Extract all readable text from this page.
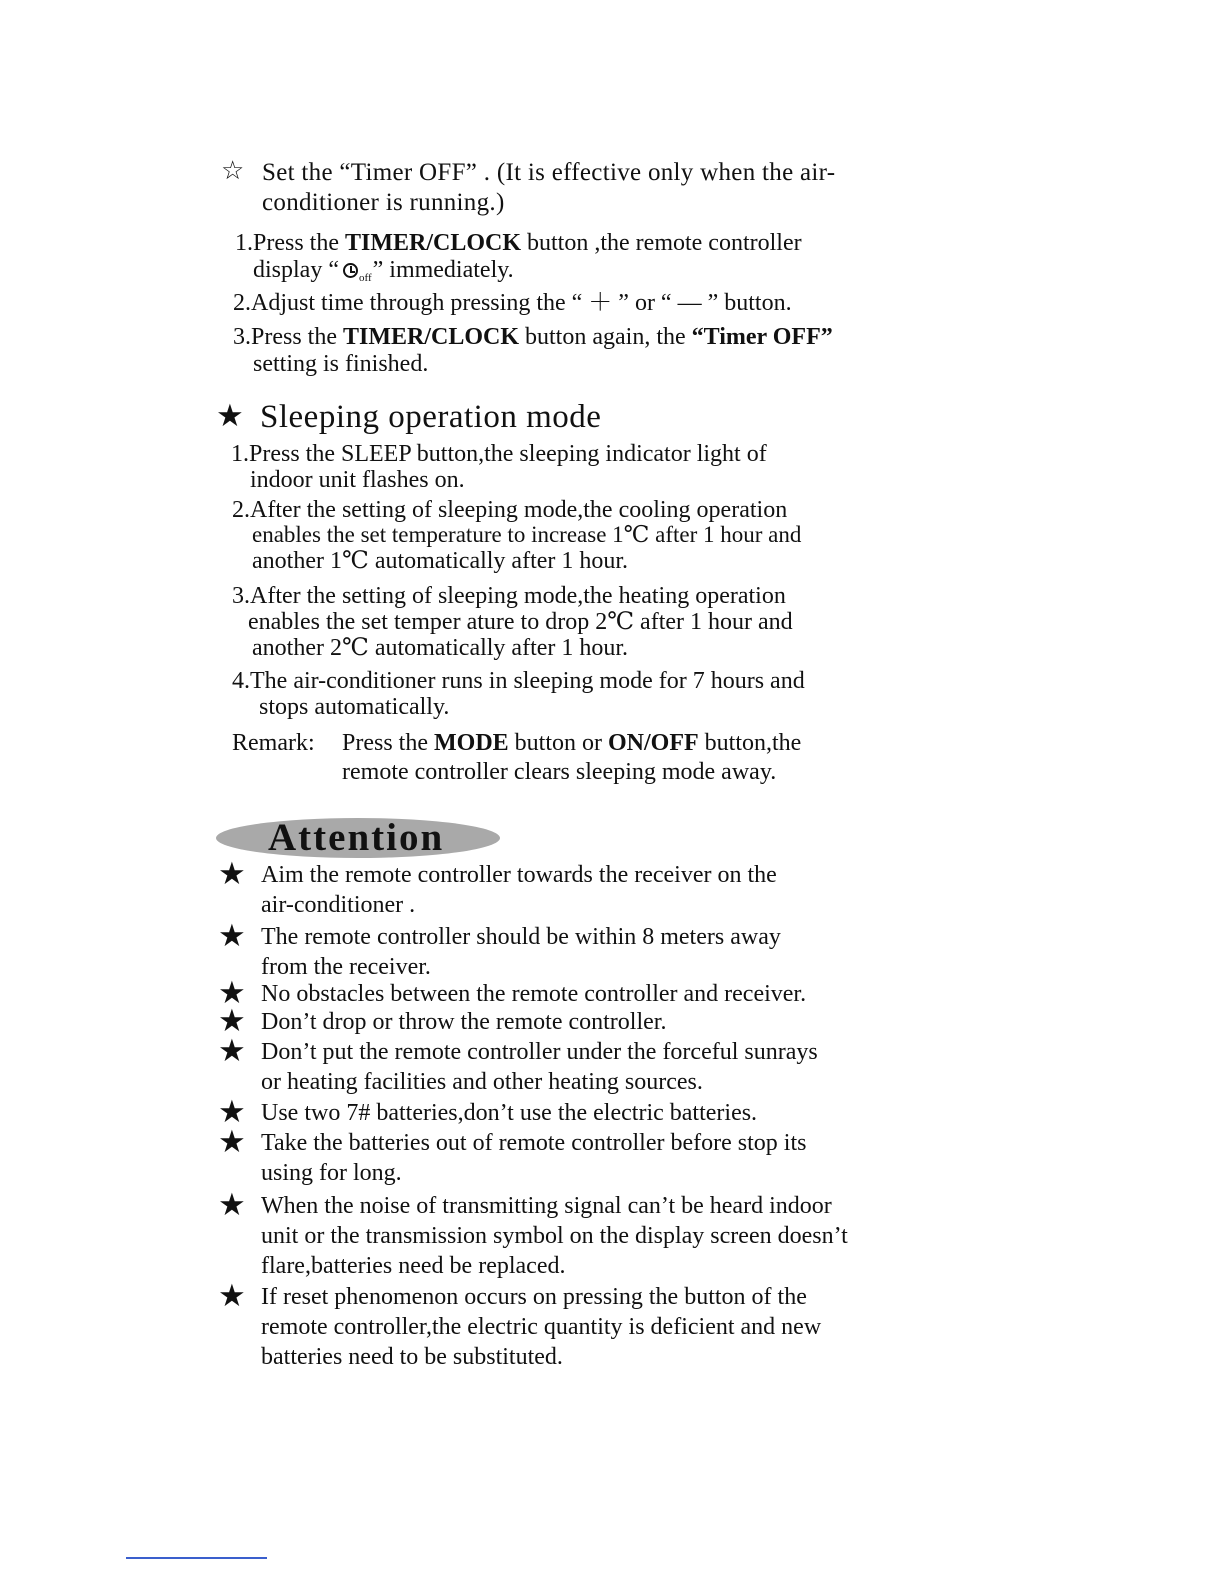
☆ Set the “Timer OFF” . (It is effective only when the air-
conditioner is running.)
1.Press the TIMER/CLOCK button ,the remote controller
display “ off” immediately.
2.Adjust time through pressing the “ ＋ ” or “ — ” button.
3.Press the TIMER/CLOCK button again, the “Timer OFF”
setting is finished.
★ Sleeping operation mode
1.Press the SLEEP button,the sleeping indicator light of
indoor unit flashes on.
2.After the setting of sleeping mode,the cooling operation
enables the set temperature to increase 1℃ after 1 hour and
another 1℃ automatically after 1 hour.
3.After the setting of sleeping mode,the heating operation
enables the set temper ature to drop 2℃ after 1 hour and
another 2℃ automatically after 1 hour.
4.The air-conditioner runs in sleeping mode for 7 hours and
stops automatically.
Remark: Press the MODE button or ON/OFF button,the
remote controller clears sleeping mode away.
Attention
★ Aim the remote controller towards the receiver on the
air-conditioner .
★ The remote controller should be within 8 meters away
from the receiver.
★ No obstacles between the remote controller and receiver.
★ Don’t drop or throw the remote controller.
★ Don’t put the remote controller under the forceful sunrays
or heating facilities and other heating sources.
★ Use two 7# batteries,don’t use the electric batteries.
★ Take the batteries out of remote controller before stop its
using for long.
★ When the noise of transmitting signal can’t be heard indoor
unit or the transmission symbol on the display screen doesn’t
flare,batteries need be replaced.
★ If reset phenomenon occurs on pressing the button of the
remote controller,the electric quantity is deficient and new
batteries need to be substituted.
